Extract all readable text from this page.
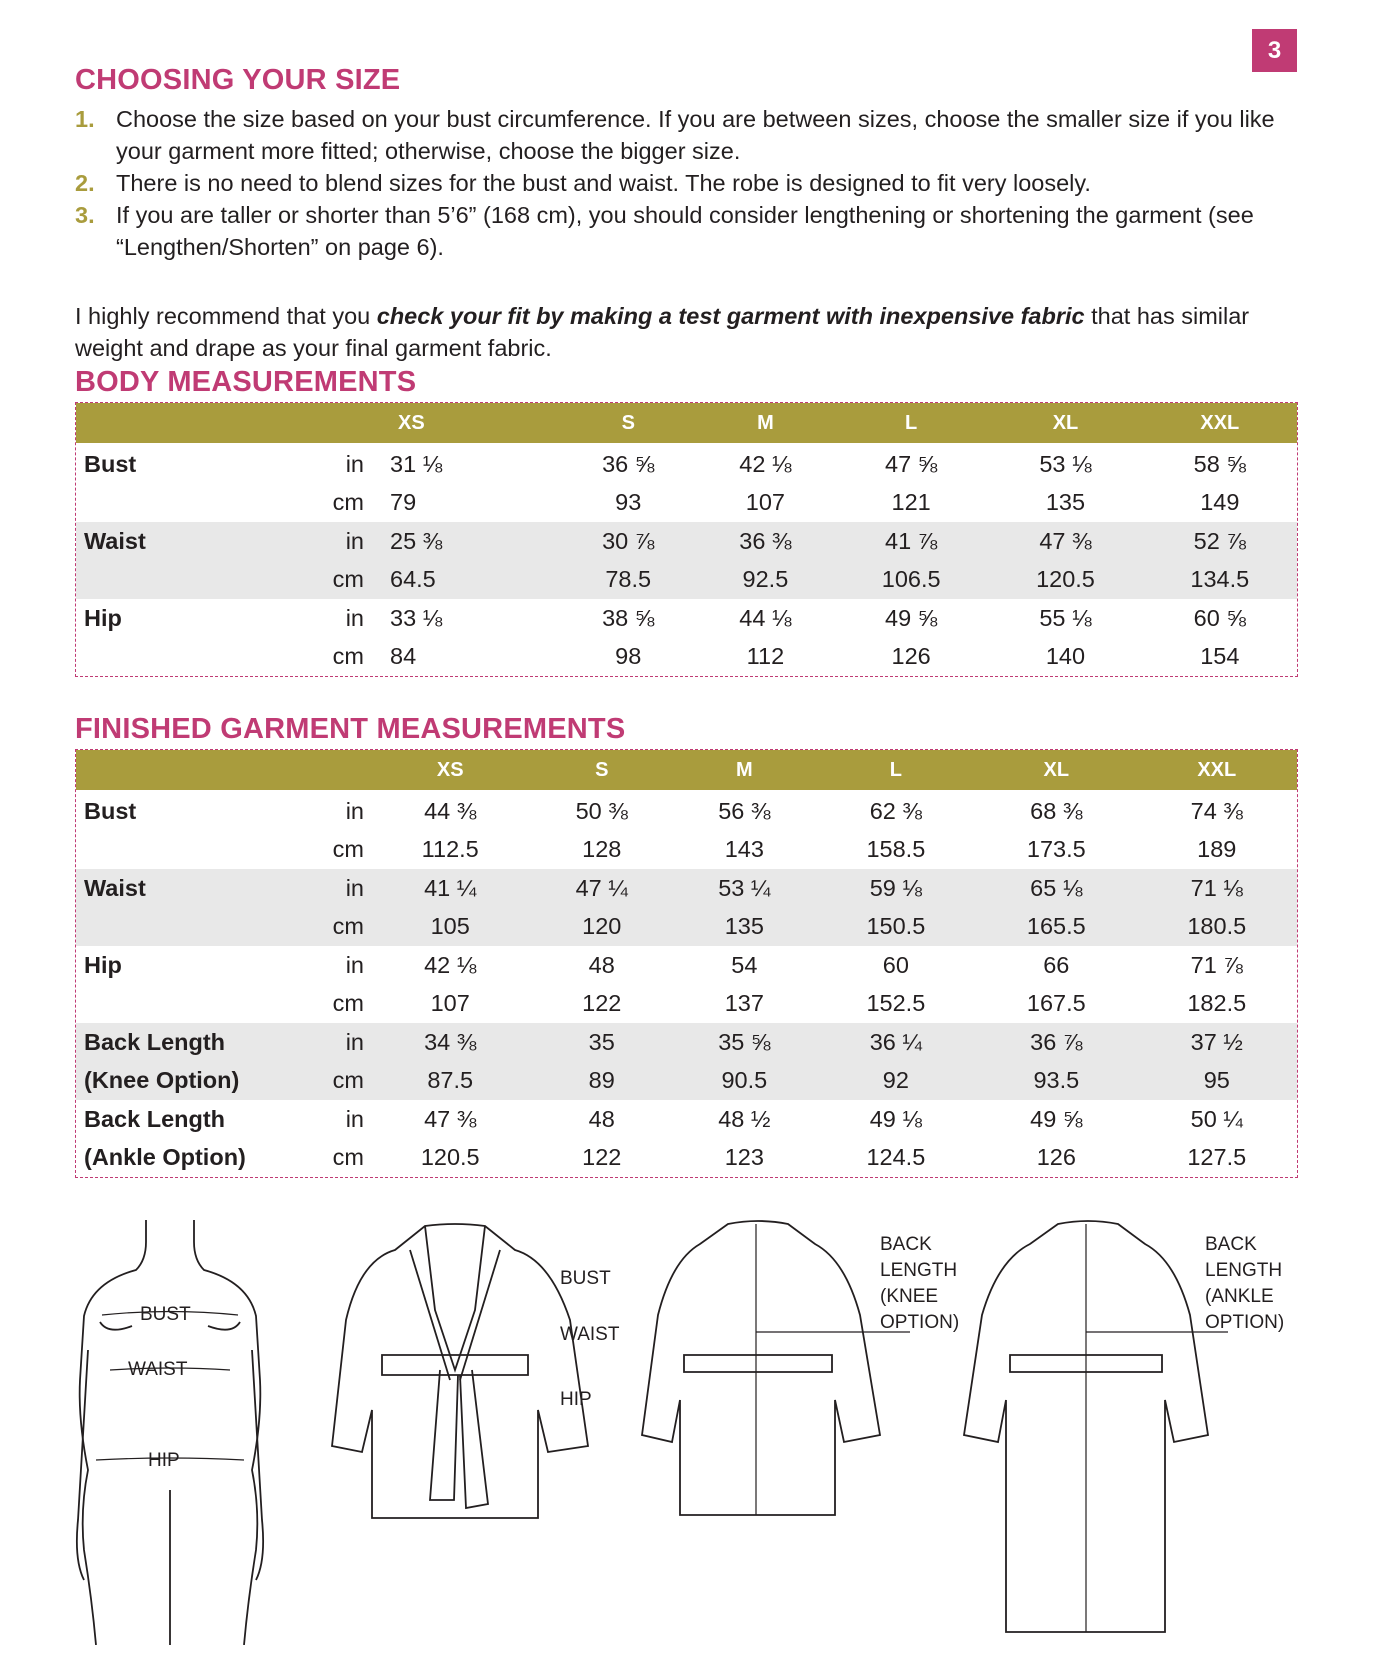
3
CHOOSING YOUR SIZE
1. Choose the size based on your bust circumference. If you are between sizes, choose the smaller size if you like your garment more fitted; otherwise, choose the bigger size.
2. There is no need to blend sizes for the bust and waist. The robe is designed to fit very loosely.
3. If you are taller or shorter than 5’6” (168 cm), you should consider lengthening or shortening the garment (see “Lengthen/Shorten” on page 6).
I highly recommend that you check your fit by making a test garment with inexpensive fabric that has similar weight and drape as your final garment fabric.
BODY MEASUREMENTS
		XS	S	M	L	XL	XXL
Bust	in	31 ⅛	36 ⅝	42 ⅛	47 ⅝	53 ⅛	58 ⅝
	cm	79	93	107	121	135	149
Waist	in	25 ⅜	30 ⅞	36 ⅜	41 ⅞	47 ⅜	52 ⅞
	cm	64.5	78.5	92.5	106.5	120.5	134.5
Hip	in	33 ⅛	38 ⅝	44 ⅛	49 ⅝	55 ⅛	60 ⅝
	cm	84	98	112	126	140	154
FINISHED GARMENT MEASUREMENTS
		XS	S	M	L	XL	XXL
Bust	in	44 ⅜	50 ⅜	56 ⅜	62 ⅜	68 ⅜	74 ⅜
	cm	112.5	128	143	158.5	173.5	189
Waist	in	41 ¼	47 ¼	53 ¼	59 ⅛	65 ⅛	71 ⅛
	cm	105	120	135	150.5	165.5	180.5
Hip	in	42 ⅛	48	54	60	66	71 ⅞
	cm	107	122	137	152.5	167.5	182.5
Back Length	in	34 ⅜	35	35 ⅝	36 ¼	36 ⅞	37 ½
(Knee Option)	cm	87.5	89	90.5	92	93.5	95
Back Length	in	47 ⅜	48	48 ½	49 ⅛	49 ⅝	50 ¼
(Ankle Option)	cm	120.5	122	123	124.5	126	127.5
BUST
WAIST
HIP
BUST
WAIST
HIP
BACK
LENGTH
(KNEE
OPTION)
BACK
LENGTH
(ANKLE
OPTION)
